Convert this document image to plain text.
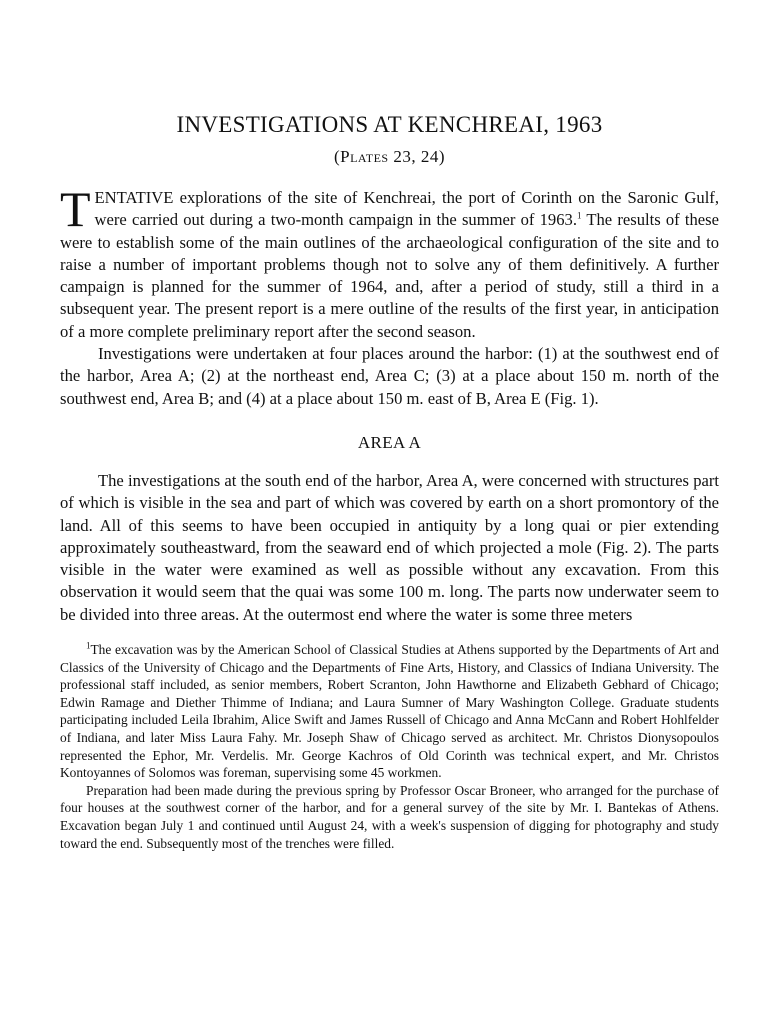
INVESTIGATIONS AT KENCHREAI, 1963
(Plates 23, 24)

TENTATIVE explorations of the site of Kenchreai, the port of Corinth on the Saronic Gulf, were carried out during a two-month campaign in the summer of 1963.$^1$ The results of these were to establish some of the main outlines of the archaeological configuration of the site and to raise a number of important problems though not to solve any of them definitively. A further campaign is planned for the summer of 1964, and, after a period of study, still a third in a subsequent year. The present report is a mere outline of the results of the first year, in anticipation of a more complete preliminary report after the second season.

Investigations were undertaken at four places around the harbor: (1) at the southwest end of the harbor, Area A; (2) at the northeast end, Area C; (3) at a place about 150 m. north of the southwest end, Area B; and (4) at a place about 150 m. east of B, Area E (Fig. 1).

AREA A

The investigations at the south end of the harbor, Area A, were concerned with structures part of which is visible in the sea and part of which was covered by earth on a short promontory of the land. All of this seems to have been occupied in antiquity by a long quai or pier extending approximately southeastward, from the seaward end of which projected a mole (Fig. 2). The parts visible in the water were examined as well as possible without any excavation. From this observation it would seem that the quai was some 100 m. long. The parts now underwater seem to be divided into three areas. At the outermost end where the water is some three meters

$^1$The excavation was by the American School of Classical Studies at Athens supported by the Departments of Art and Classics of the University of Chicago and the Departments of Fine Arts, History, and Classics of Indiana University. The professional staff included, as senior members, Robert Scranton, John Hawthorne and Elizabeth Gebhard of Chicago; Edwin Ramage and Diether Thimme of Indiana; and Laura Sumner of Mary Washington College. Graduate students participating included Leila Ibrahim, Alice Swift and James Russell of Chicago and Anna McCann and Robert Hohlfelder of Indiana, and later Miss Laura Fahy. Mr. Joseph Shaw of Chicago served as architect. Mr. Christos Dionysopoulos represented the Ephor, Mr. Verdelis. Mr. George Kachros of Old Corinth was technical expert, and Mr. Christos Kontoyannes of Solomos was foreman, supervising some 45 workmen.

Preparation had been made during the previous spring by Professor Oscar Broneer, who arranged for the purchase of four houses at the southwest corner of the harbor, and for a general survey of the site by Mr. I. Bantekas of Athens. Excavation began July 1 and continued until August 24, with a week's suspension of digging for photography and study toward the end. Subsequently most of the trenches were filled.
